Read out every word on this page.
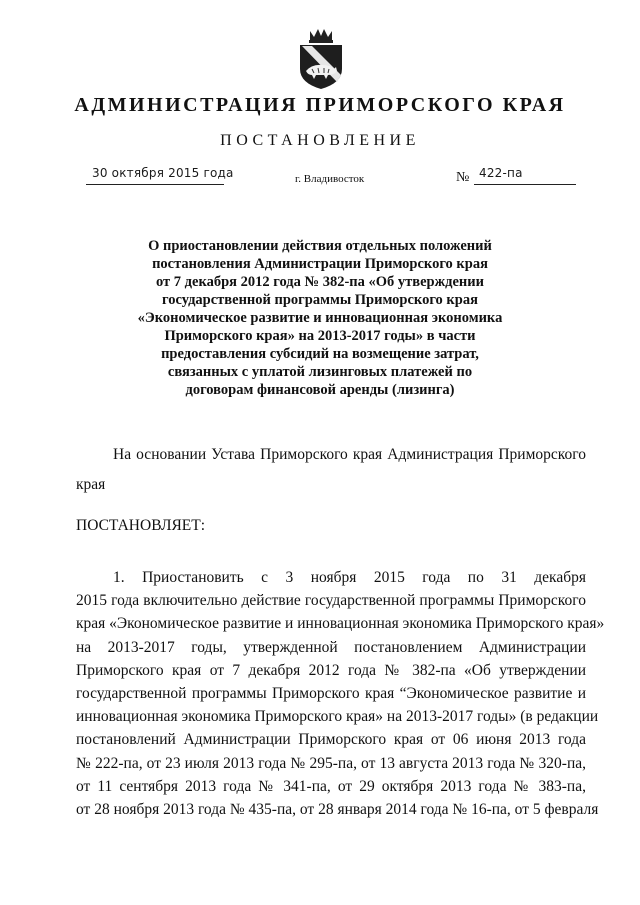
АДМИНИСТРАЦИЯ ПРИМОРСКОГО КРАЯ
ПОСТАНОВЛЕНИЕ
30 октября 2015 года	г. Владивосток	№ 422-па
О приостановлении действия отдельных положений
постановления Администрации Приморского края
от 7 декабря 2012 года № 382-па «Об утверждении
государственной программы Приморского края
«Экономическое развитие и инновационная экономика
Приморского края» на 2013-2017 годы» в части
предоставления субсидий на возмещение затрат,
связанных с уплатой лизинговых платежей по
договорам финансовой аренды (лизинга)
На основании Устава Приморского края Администрация Приморского
края
ПОСТАНОВЛЯЕТ:
1. Приостановить с 3 ноября 2015 года по 31 декабря
2015 года включительно действие государственной программы Приморского
края «Экономическое развитие и инновационная экономика Приморского края»
на 2013-2017 годы, утвержденной постановлением Администрации
Приморского края от 7 декабря 2012 года № 382-па «Об утверждении
государственной программы Приморского края “Экономическое развитие и
инновационная экономика Приморского края» на 2013-2017 годы» (в редакции
постановлений Администрации Приморского края от 06 июня 2013 года
№ 222-па, от 23 июля 2013 года № 295-па, от 13 августа 2013 года № 320-па,
от 11 сентября 2013 года № 341-па, от 29 октября 2013 года № 383-па,
от 28 ноября 2013 года № 435-па, от 28 января 2014 года № 16-па, от 5 февраля
